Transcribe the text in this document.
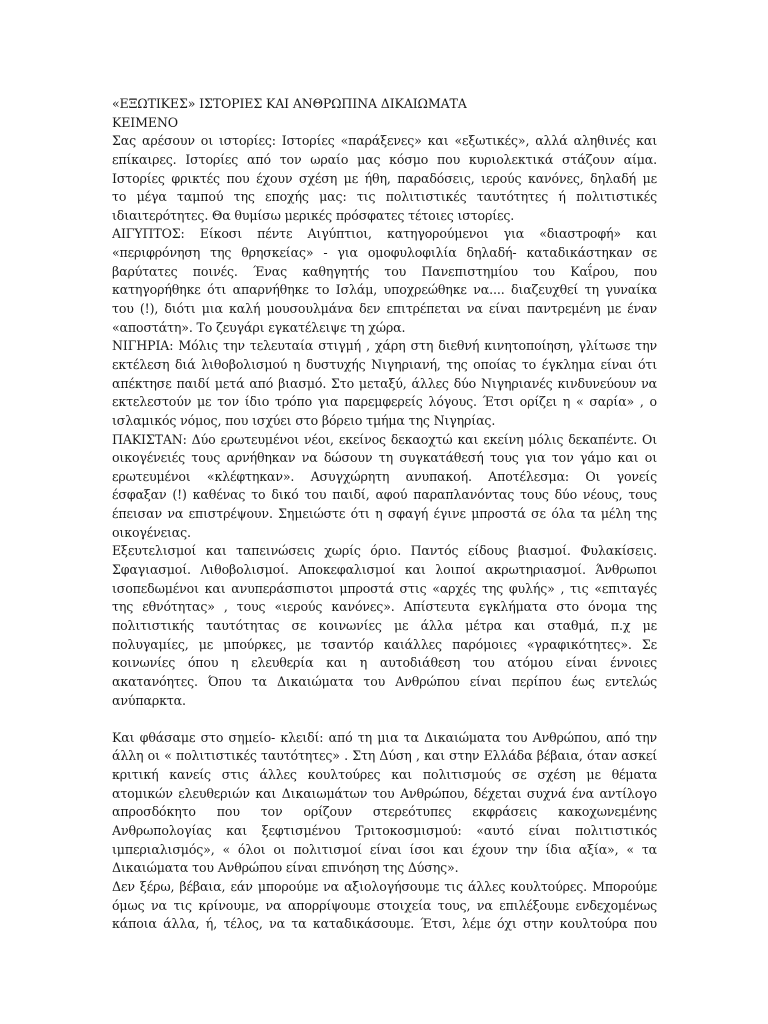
«ΕΞΩΤΙΚΕΣ» ΙΣΤΟΡΙΕΣ ΚΑΙ ΑΝΘΡΩΠΙΝΑ ΔΙΚΑΙΩΜΑΤΑ
ΚΕΙΜΕΝΟ
Σας αρέσουν οι ιστορίες: Ιστορίες «παράξενες» και «εξωτικές», αλλά αληθινές και
επίκαιρες. Ιστορίες από τον ωραίο μας κόσμο που κυριολεκτικά στάζουν αίμα.
Ιστορίες φρικτές που έχουν σχέση με ήθη, παραδόσεις, ιερούς κανόνες, δηλαδή με
το μέγα ταμπού της εποχής μας: τις πολιτιστικές ταυτότητες ή πολιτιστικές
ιδιαιτερότητες. Θα θυμίσω μερικές πρόσφατες τέτοιες ιστορίες.
ΑΙΓΥΠΤΟΣ: Είκοσι πέντε Αιγύπτιοι, κατηγορούμενοι για «διαστροφή» και
«περιφρόνηση της θρησκείας» - για ομοφυλοφιλία δηλαδή- καταδικάστηκαν σε
βαρύτατες ποινές. Ένας καθηγητής του Πανεπιστημίου του Καΐρου, που
κατηγορήθηκε ότι απαρνήθηκε το Ισλάμ, υποχρεώθηκε να.... διαζευχθεί τη γυναίκα
του (!), διότι μια καλή μουσουλμάνα δεν επιτρέπεται να είναι παντρεμένη με έναν
«αποστάτη». Το ζευγάρι εγκατέλειψε τη χώρα.
ΝΙΓΗΡΙΑ: Μόλις την τελευταία στιγμή , χάρη στη διεθνή κινητοποίηση, γλίτωσε την
εκτέλεση διά λιθοβολισμού η δυστυχής Νιγηριανή, της οποίας το έγκλημα είναι ότι
απέκτησε παιδί μετά από βιασμό. Στο μεταξύ, άλλες δύο Νιγηριανές κινδυνεύουν να
εκτελεστούν με τον ίδιο τρόπο για παρεμφερείς λόγους. Έτσι ορίζει η « σαρία» , ο
ισλαμικός νόμος, που ισχύει στο βόρειο τμήμα της Νιγηρίας.
ΠΑΚΙΣΤΑΝ: Δύο ερωτευμένοι νέοι, εκείνος δεκαοχτώ και εκείνη μόλις δεκαπέντε. Οι
οικογένειές τους αρνήθηκαν να δώσουν τη συγκατάθεσή τους για τον γάμο και οι
ερωτευμένοι «κλέφτηκαν». Ασυγχώρητη ανυπακοή. Αποτέλεσμα: Οι γονείς
έσφαξαν (!) καθένας το δικό του παιδί, αφού παραπλανόντας τους δύο νέους, τους
έπεισαν να επιστρέψουν. Σημειώστε ότι η σφαγή έγινε μπροστά σε όλα τα μέλη της
οικογένειας.
Εξευτελισμοί και ταπεινώσεις χωρίς όριο. Παντός είδους βιασμοί. Φυλακίσεις.
Σφαγιασμοί. Λιθοβολισμοί. Αποκεφαλισμοί και λοιποί ακρωτηριασμοί. Άνθρωποι
ισοπεδωμένοι και ανυπεράσπιστοι μπροστά στις «αρχές της φυλής» , τις «επιταγές
της εθνότητας» , τους «ιερούς κανόνες». Απίστευτα εγκλήματα στο όνομα της
πολιτιστικής ταυτότητας σε κοινωνίες με άλλα μέτρα και σταθμά, π.χ με
πολυγαμίες, με μπούρκες, με τσαντόρ καιάλλες παρόμοιες «γραφικότητες». Σε
κοινωνίες όπου η ελευθερία και η αυτοδιάθεση του ατόμου είναι έννοιες
ακατανόητες. Όπου τα Δικαιώματα του Ανθρώπου είναι περίπου έως εντελώς
ανύπαρκτα.
Και φθάσαμε στο σημείο- κλειδί: από τη μια τα Δικαιώματα του Ανθρώπου, από την
άλλη οι « πολιτιστικές ταυτότητες» . Στη Δύση , και στην Ελλάδα βέβαια, όταν ασκεί
κριτική κανείς στις άλλες κουλτούρες και πολιτισμούς σε σχέση με θέματα
ατομικών ελευθεριών και Δικαιωμάτων του Ανθρώπου, δέχεται συχνά ένα αντίλογο
απροσδόκητο που τον ορίζουν στερεότυπες εκφράσεις κακοχωνεμένης
Ανθρωπολογίας και ξεφτισμένου Τριτοκοσμισμού: «αυτό είναι πολιτιστικός
ιμπεριαλισμός», « όλοι οι πολιτισμοί είναι ίσοι και έχουν την ίδια αξία», « τα
Δικαιώματα του Ανθρώπου είναι επινόηση της Δύσης».
Δεν ξέρω, βέβαια, εάν μπορούμε να αξιολογήσουμε τις άλλες κουλτούρες. Μπορούμε
όμως να τις κρίνουμε, να απορρίψουμε στοιχεία τους, να επιλέξουμε ενδεχομένως
κάποια άλλα, ή, τέλος, να τα καταδικάσουμε. Έτσι, λέμε όχι στην κουλτούρα που
